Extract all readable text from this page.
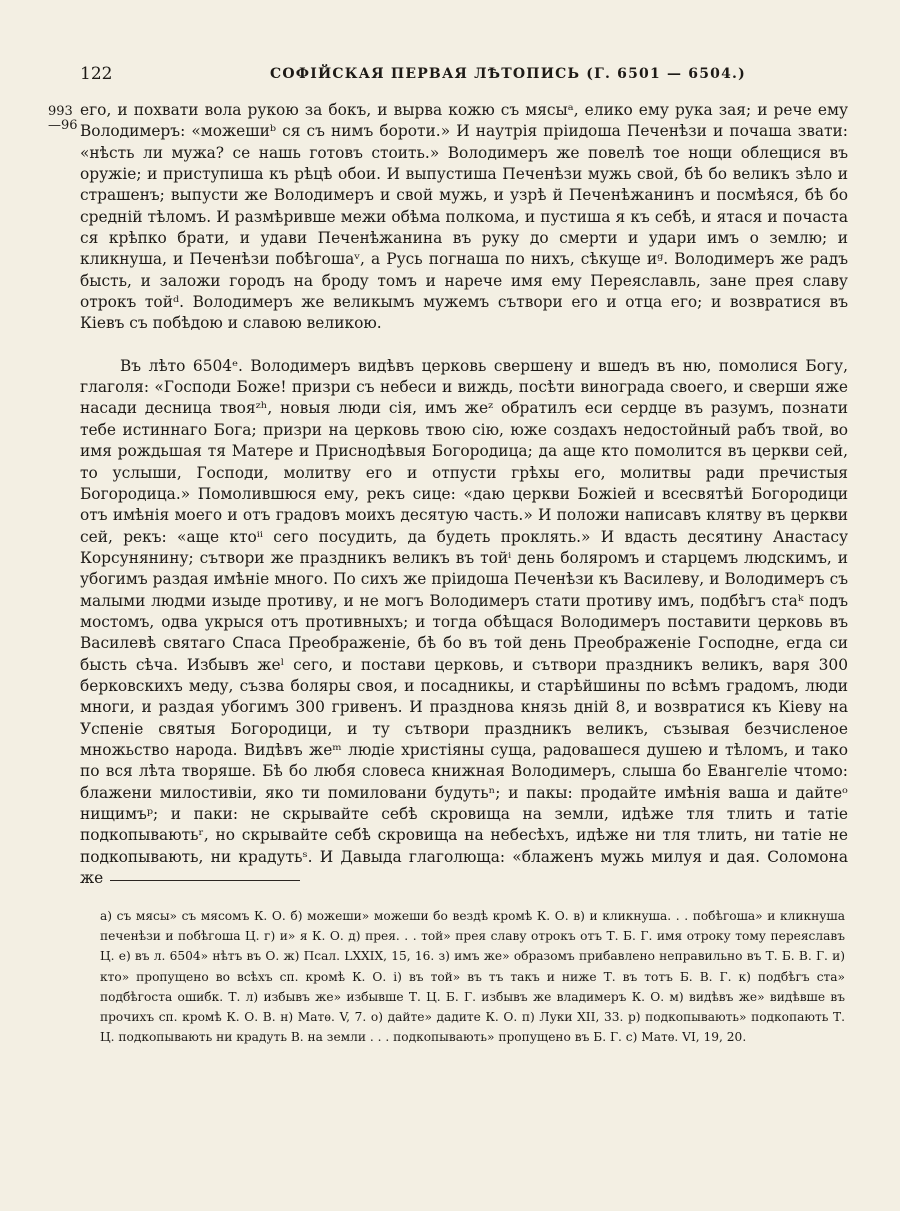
122	СОФІЙСКАЯ ПЕРВАЯ ЛѢТОПИСЬ (Г. 6501 — 6504.)
993
—96

его, и похвати вола рукою за бокъ, и вырва кожю съ мясыᵃ, елико ему рука зая; и рече ему Володимеръ: «можешиᵇ ся съ нимъ бороти.» И наутрія пріидоша Печенѣзи и почаша звати: «нѣсть ли мужа? се нашь готовъ стоить.» Володимеръ же повелѣ тое нощи облещися въ оружіе; и приступиша къ рѣцѣ обои. И выпустиша Печенѣзи мужь свой, бѣ бо великъ зѣло и страшенъ; выпусти же Володимеръ и свой мужь, и узрѣ й Печенѣжанинъ и посмѣяся, бѣ бо средній тѣломъ. И размѣривше межи обѣма полкома, и пустиша я къ себѣ, и ятася и почаста ся крѣпко брати, и удави Печенѣжанина въ руку до смерти и удари имъ о землю; и кликнуша, и Печенѣзи побѣгошаᵛ, а Русь погнаша по нихъ, сѣкуще иᵍ. Володимеръ же радъ бысть, и заложи городъ на броду томъ и нарече имя ему Переяславль, зане прея славу отрокъ тойᵈ. Володимеръ же великымъ мужемъ сътвори его и отца его; и возвратися въ Кіевъ съ побѣдою и славою великою.

Въ лѣто 6504ᵉ. Володимеръ видѣвъ церковь свершену и вшедъ въ ню, помолися Богу, глаголя: «Господи Боже! призри съ небеси и виждь, посѣти винограда своего, и сверши яже насади десница твояᶻʰ, новыя люди сія, имъ жеᶻ обратилъ еси сердце въ разумъ, познати тебе истиннаго Бога; призри на церковь твою сію, юже создахъ недостойный рабъ твой, во имя рождьшая тя Матере и Приснодѣвыя Богородица; да аще кто помолится въ церкви сей, то услыши, Господи, молитву его и отпусти грѣхы его, молитвы ради пречистыя Богородица.» Помолившюся ему, рекъ сице: «даю церкви Божіей и всесвятѣй Богородици отъ имѣнія моего и отъ градовъ моихъ десятую часть.» И положи написавъ клятву въ церкви сей, рекъ: «аще ктоⁱⁱ сего посудить, да будеть проклять.» И вдасть десятину Анастасу Корсунянину; сътвори же праздникъ великъ въ тойⁱ день боляромъ и старцемъ людскимъ, и убогимъ раздая имѣніе много. По сихъ же пріидоша Печенѣзи къ Василеву, и Володимеръ съ малыми людми изыде противу, и не могъ Володимеръ стати противу имъ, подбѣгъ стаᵏ подъ мостомъ, одва укрыся отъ противныхъ; и тогда обѣщася Володимеръ поставити церковь въ Василевѣ святаго Спаса Преображеніе, бѣ бо въ той день Преображеніе Господне, егда си бысть сѣча. Избывъ жеˡ сего, и постави церковь, и сътвори праздникъ великъ, варя 300 берковскихъ меду, съзва боляры своя, и посадникы, и старѣйшины по всѣмъ градомъ, люди многи, и раздая убогимъ 300 гривенъ. И празднова князь дній 8, и возвратися къ Кіеву на Успеніе святыя Богородици, и ту сътвори праздникъ великъ, съзывая безчисленое множьство народа. Видѣвъ жеᵐ людіе христіяны суща, радовашеся душею и тѣломъ, и тако по вся лѣта творяше. Бѣ бо любя словеса книжная Володимеръ, слыша бо Евангеліе чтомо: блажени милостивіи, яко ти помиловани будутьⁿ; и пакы: продайте имѣнія ваша и дайтеᵒ нищимъᵖ; и паки: не скрывайте себѣ скровища на земли, идѣже тля тлить и татіе подкопываютьʳ, но скрывайте себѣ скровища на небесѣхъ, идѣже ни тля тлить, ни татіе не подкопывають, ни крадутьˢ. И Давыда глаголюща: «блаженъ мужь милуя и дая. Соломона же

а) съ мясы» съ мясомъ К. О. б) можеши» можеши бо вездѣ кромѣ К. О. в) и кликнуша. . . побѣгоша» и кликнуша печенѣзи и побѣгоша Ц. г) и» я К. О. д) прея. . . той» прея славу отрокъ отъ Т. Б. Г. имя отроку тому переяславъ Ц. е) въ л. 6504» нѣтъ въ О. ж) Псал. LXXIX, 15, 16. з) имъ же» образомъ прибавлено неправильно въ Т. Б. В. Г. и) кто» пропущено во всѣхъ сп. кромѣ К. О. і) въ той» въ тъ такъ и ниже Т. въ тотъ Б. В. Г. к) подбѣгъ ста» подбѣгоста ошибк. Т. л) избывъ же» избывше Т. Ц. Б. Г. избывъ же владимеръ К. О. м) видѣвъ же» видѣвше въ прочихъ сп. кромѣ К. О. В. н) Матѳ. V, 7. о) дайте» дадите К. О. п) Луки XII, 33. р) подкопывають» подкопають Т. Ц. подкопывають ни крадуть В. на земли . . . подкопывають» пропущено въ Б. Г. с) Матѳ. VI, 19, 20.
